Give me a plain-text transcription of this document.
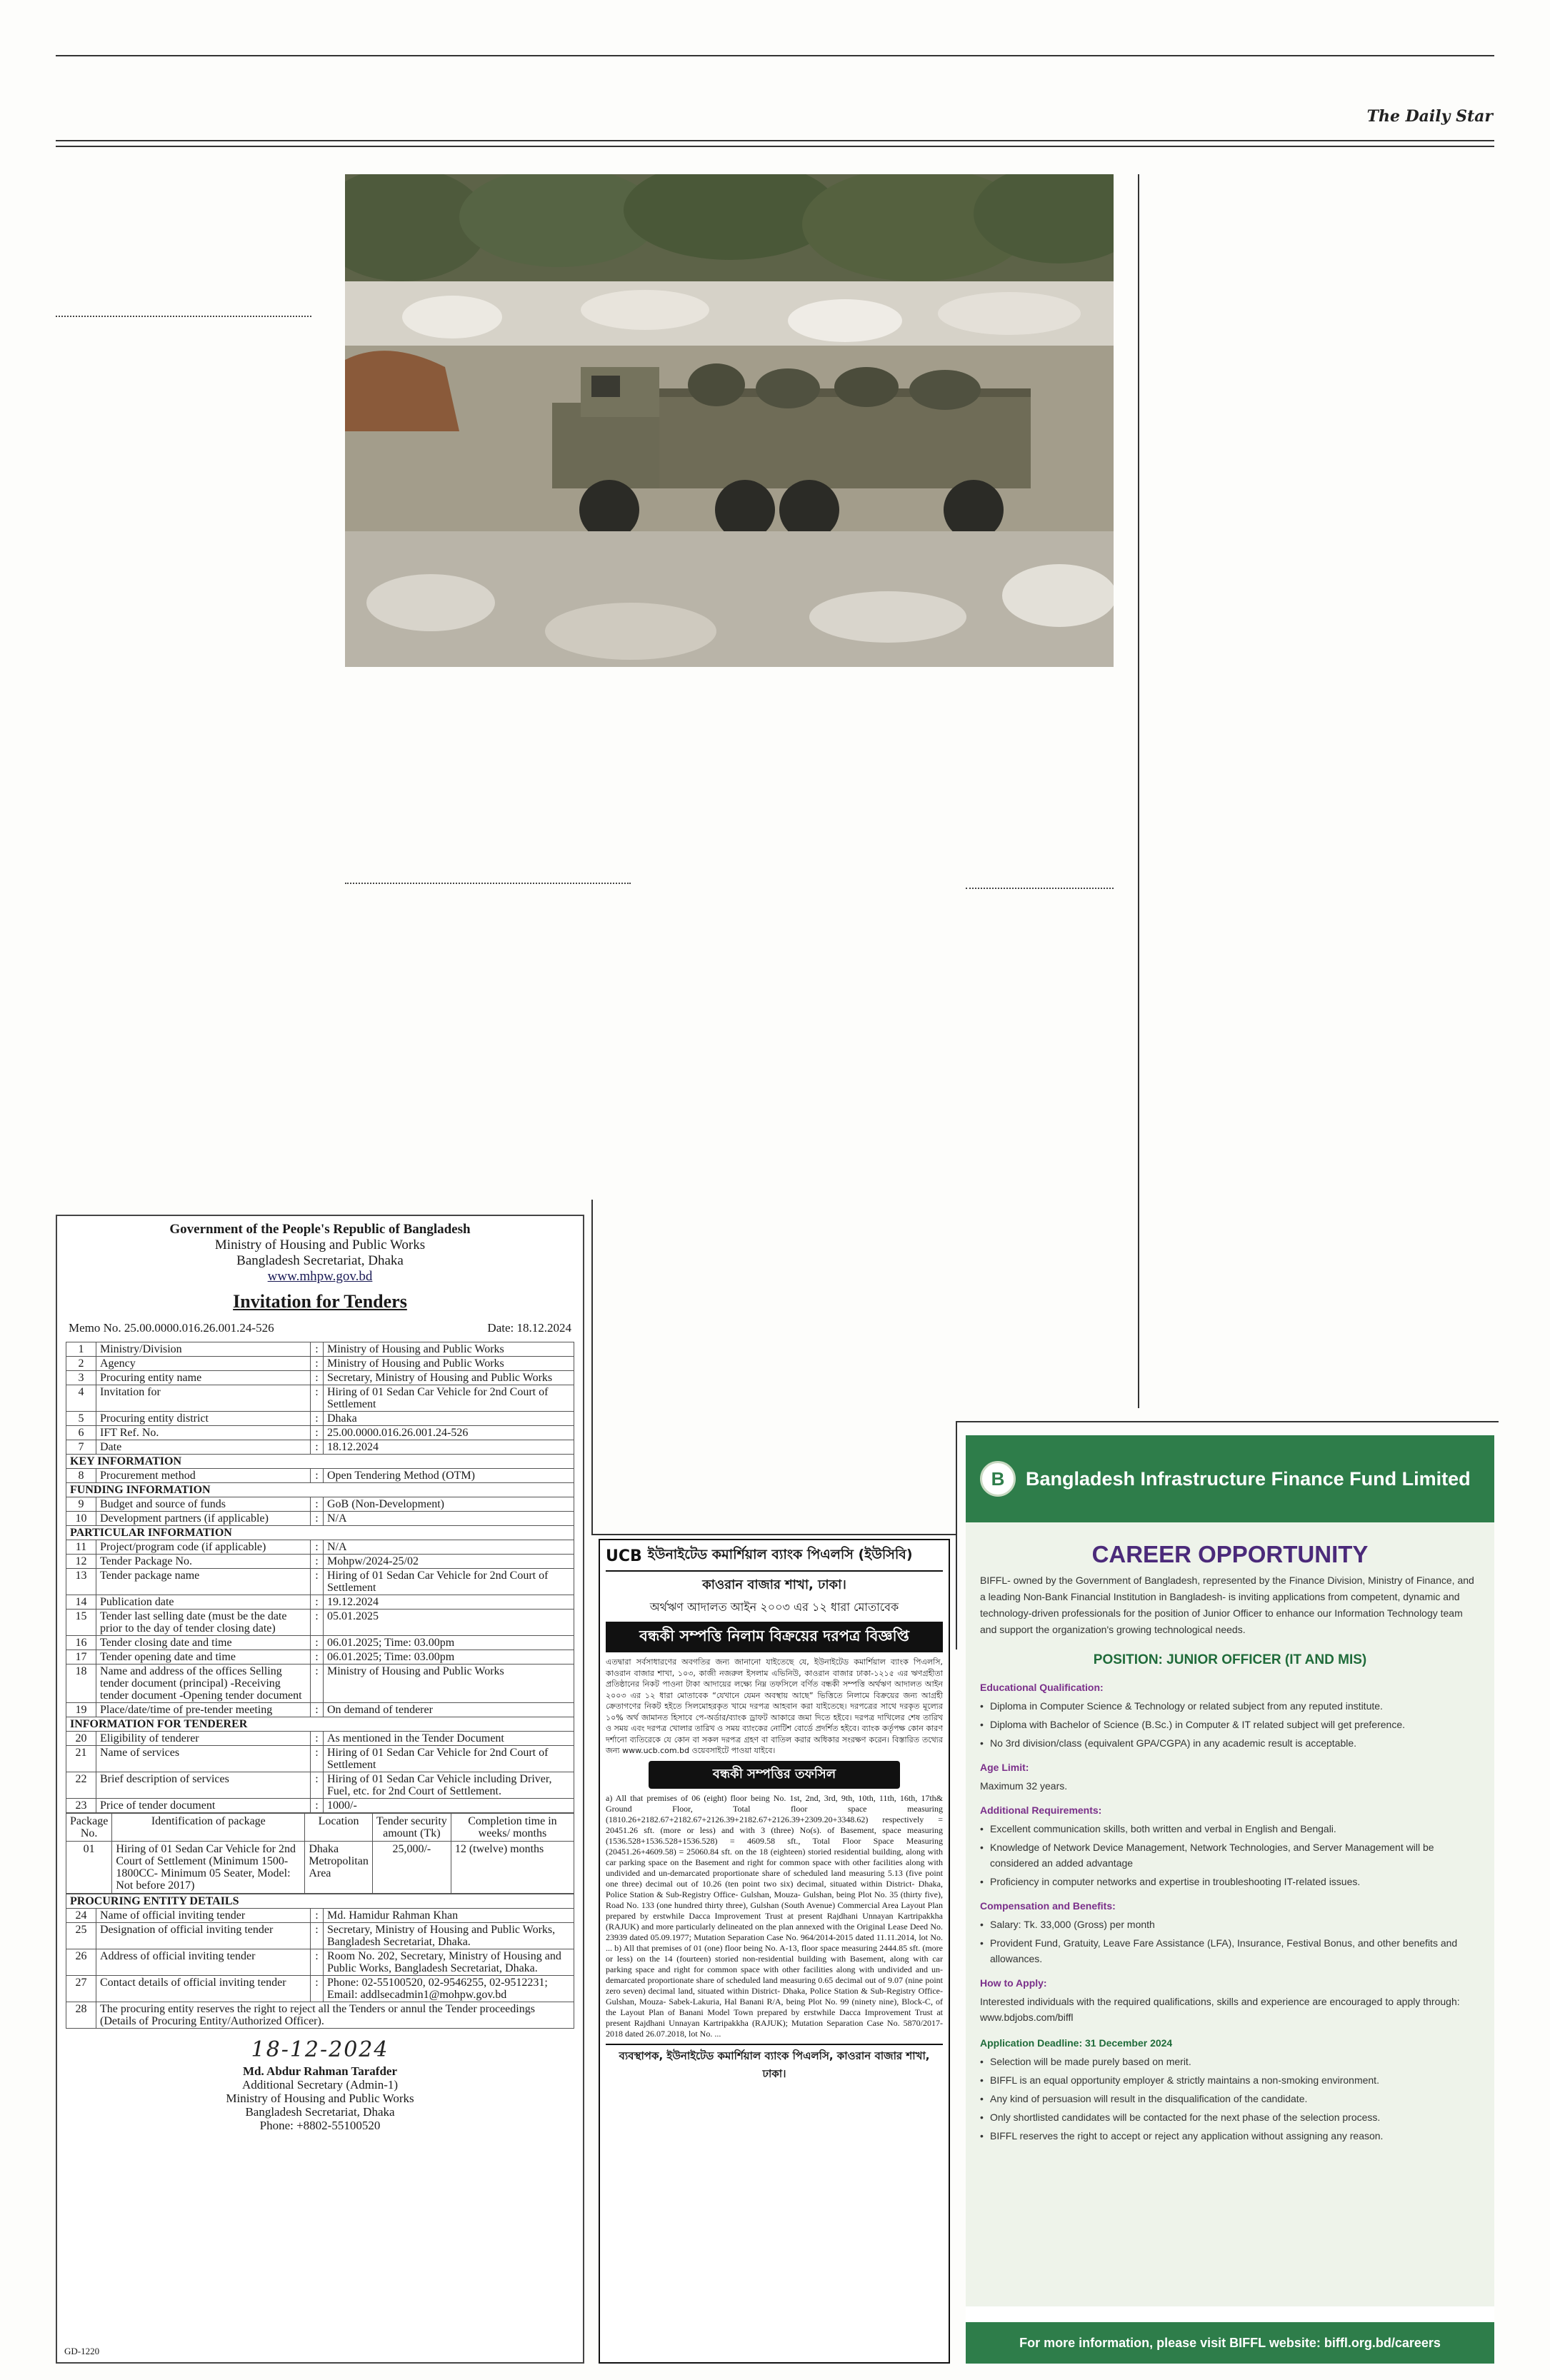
The Daily Star
Government of the People's Republic of Bangladesh
Ministry of Housing and Public Works
Bangladesh Secretariat, Dhaka
www.mhpw.gov.bd
Invitation for Tenders
Memo No. 25.00.0000.016.26.001.24-526	Date: 18.12.2024
1	Ministry/Division	:	Ministry of Housing and Public Works
2	Agency	:	Ministry of Housing and Public Works
3	Procuring entity name	:	Secretary, Ministry of Housing and Public Works
4	Invitation for	:	Hiring of 01 Sedan Car Vehicle for 2nd Court of Settlement
5	Procuring entity district	:	Dhaka
6	IFT Ref. No.	:	25.00.0000.016.26.001.24-526
7	Date	:	18.12.2024
KEY INFORMATION			
8	Procurement method	:	Open Tendering Method (OTM)
FUNDING INFORMATION			
9	Budget and source of funds	:	GoB (Non-Development)
10	Development partners (if applicable)	:	N/A
PARTICULAR INFORMATION			
11	Project/program code (if applicable)	:	N/A
12	Tender Package No.	:	Mohpw/2024-25/02
13	Tender package name	:	Hiring of 01 Sedan Car Vehicle for 2nd Court of Settlement
14	Publication date	:	19.12.2024
15	Tender last selling date (must be the date prior to the day of tender closing date)	:	05.01.2025
16	Tender closing date and time	:	06.01.2025; Time: 03.00pm
17	Tender opening date and time	:	06.01.2025; Time: 03.00pm
18	Name and address of the offices Selling tender document (principal) -Receiving tender document -Opening tender document	:	Ministry of Housing and Public Works
19	Place/date/time of pre-tender meeting	:	On demand of tenderer
INFORMATION FOR TENDERER			
20	Eligibility of tenderer	:	As mentioned in the Tender Document
21	Name of services	:	Hiring of 01 Sedan Car Vehicle for 2nd Court of Settlement
22	Brief description of services	:	Hiring of 01 Sedan Car Vehicle including Driver, Fuel, etc. for 2nd Court of Settlement.
23	Price of tender document	:	1000/-
Package No.	Identification of package	Location	Tender security amount (Tk)	Completion time in weeks/ months
01	Hiring of 01 Sedan Car Vehicle for 2nd Court of Settlement (Minimum 1500-1800CC- Minimum 05 Seater, Model: Not before 2017)	Dhaka Metropolitan Area	25,000/-	12 (twelve) months
PROCURING ENTITY DETAILS			
24	Name of official inviting tender	:	Md. Hamidur Rahman Khan
25	Designation of official inviting tender	:	Secretary, Ministry of Housing and Public Works, Bangladesh Secretariat, Dhaka.
26	Address of official inviting tender	:	Room No. 202, Secretary, Ministry of Housing and Public Works, Bangladesh Secretariat, Dhaka.
27	Contact details of official inviting tender	:	Phone: 02-55100520, 02-9546255, 02-9512231; Email: addlsecadmin1@mohpw.gov.bd
28	The procuring entity reserves the right to reject all the Tenders or annul the Tender proceedings (Details of Procuring Entity/Authorized Officer).		
18-12-2024
Md. Abdur Rahman Tarafder
Additional Secretary (Admin-1)
Ministry of Housing and Public Works
Bangladesh Secretariat, Dhaka
Phone: +8802-55100520
GD-1220
UCB ইউনাইটেড কমার্শিয়াল ব্যাংক পিএলসি (ইউসিবি)
কাওরান বাজার শাখা, ঢাকা।
অর্থঋণ আদালত আইন ২০০৩ এর ১২ ধারা মোতাবেক
বন্ধকী সম্পত্তি নিলাম বিক্রয়ের দরপত্র বিজ্ঞপ্তি
এতদ্বারা সর্বসাধারণের অবগতির জন্য জানানো যাইতেছে যে, ইউনাইটেড কমার্শিয়াল ব্যাংক পিএলসি, কাওরান বাজার শাখা, ১০৩, কাজী নজরুল ইসলাম এভিনিউ, কাওরান বাজার ঢাকা-১২১৫ এর ঋণগ্রহীতা প্রতিষ্ঠানের নিকট পাওনা টাকা আদায়ের লক্ষ্যে নিম্ন তফসিলে বর্ণিত বন্ধকী সম্পত্তি অর্থঋণ আদালত আইন ২০০৩ এর ১২ ধারা মোতাবেক “যেখানে যেমন অবস্থায় আছে” ভিত্তিতে নিলামে বিক্রয়ের জন্য আগ্রহী ক্রেতাগণের নিকট হইতে সিলমোহরকৃত খামে দরপত্র আহবান করা যাইতেছে। দরপত্রের সাথে দরকৃত মূল্যের ১০% অর্থ জামানত হিসাবে পে-অর্ডার/ব্যাংক ড্রাফট আকারে জমা দিতে হইবে। দরপত্র দাখিলের শেষ তারিখ ও সময় এবং দরপত্র খোলার তারিখ ও সময় ব্যাংকের নোটিশ বোর্ডে প্রদর্শিত হইবে। ব্যাংক কর্তৃপক্ষ কোন কারণ দর্শানো ব্যতিরেকে যে কোন বা সকল দরপত্র গ্রহণ বা বাতিল করার অধিকার সংরক্ষণ করেন। বিস্তারিত তথ্যের জন্য www.ucb.com.bd ওয়েবসাইটে পাওয়া যাইবে।
বন্ধকী সম্পত্তির তফসিল
a) All that premises of 06 (eight) floor being No. 1st, 2nd, 3rd, 9th, 10th, 11th, 16th, 17th& Ground Floor, Total floor space measuring (1810.26+2182.67+2182.67+2126.39+2182.67+2126.39+2309.20+3348.62) respectively = 20451.26 sft. (more or less) and with 3 (three) No(s). of Basement, space measuring (1536.528+1536.528+1536.528) = 4609.58 sft., Total Floor Space Measuring (20451.26+4609.58) = 25060.84 sft. on the 18 (eighteen) storied residential building, along with car parking space on the Basement and right for common space with other facilities along with undivided and un-demarcated proportionate share of scheduled land measuring 5.13 (five point one three) decimal out of 10.26 (ten point two six) decimal, situated within District- Dhaka, Police Station & Sub-Registry Office- Gulshan, Mouza- Gulshan, being Plot No. 35 (thirty five), Road No. 133 (one hundred thirty three), Gulshan (South Avenue) Commercial Area Layout Plan prepared by erstwhile Dacca Improvement Trust at present Rajdhani Unnayan Kartripakkha (RAJUK) and more particularly delineated on the plan annexed with the Original Lease Deed No. 23939 dated 05.09.1977; Mutation Separation Case No. 964/2014-2015 dated 11.11.2014, lot No. ... b) All that premises of 01 (one) floor being No. A-13, floor space measuring 2444.85 sft. (more or less) on the 14 (fourteen) storied non-residential building with Basement, along with car parking space and right for common space with other facilities along with undivided and un-demarcated proportionate share of scheduled land measuring 0.65 decimal out of 9.07 (nine point zero seven) decimal land, situated within District- Dhaka, Police Station & Sub-Registry Office- Gulshan, Mouza- Sabek-Lakuria, Hal Banani R/A, being Plot No. 99 (ninety nine), Block-C, of the Layout Plan of Banani Model Town prepared by erstwhile Dacca Improvement Trust at present Rajdhani Unnayan Kartripakkha (RAJUK); Mutation Separation Case No. 5870/2017-2018 dated 26.07.2018, lot No. ...
ব্যবস্থাপক, ইউনাইটেড কমার্শিয়াল ব্যাংক পিএলসি, কাওরান বাজার শাখা, ঢাকা।
B	Bangladesh Infrastructure Finance Fund Limited
CAREER OPPORTUNITY
BIFFL- owned by the Government of Bangladesh, represented by the Finance Division, Ministry of Finance, and a leading Non-Bank Financial Institution in Bangladesh- is inviting applications from competent, dynamic and technology-driven professionals for the position of Junior Officer to enhance our Information Technology team and support the organization's growing technological needs.
POSITION: JUNIOR OFFICER (IT AND MIS)
Educational Qualification:
• Diploma in Computer Science & Technology or related subject from any reputed institute.
• Diploma with Bachelor of Science (B.Sc.) in Computer & IT related subject will get preference.
• No 3rd division/class (equivalent GPA/CGPA) in any academic result is acceptable.
Age Limit:
Maximum 32 years.
Additional Requirements:
• Excellent communication skills, both written and verbal in English and Bengali.
• Knowledge of Network Device Management, Network Technologies, and Server Management will be considered an added advantage
• Proficiency in computer networks and expertise in troubleshooting IT-related issues.
Compensation and Benefits:
• Salary: Tk. 33,000 (Gross) per month
• Provident Fund, Gratuity, Leave Fare Assistance (LFA), Insurance, Festival Bonus, and other benefits and allowances.
How to Apply:
Interested individuals with the required qualifications, skills and experience are encouraged to apply through: www.bdjobs.com/biffl
Application Deadline: 31 December 2024
• Selection will be made purely based on merit.
• BIFFL is an equal opportunity employer & strictly maintains a non-smoking environment.
• Any kind of persuasion will result in the disqualification of the candidate.
• Only shortlisted candidates will be contacted for the next phase of the selection process.
• BIFFL reserves the right to accept or reject any application without assigning any reason.
For more information, please visit BIFFL website: biffl.org.bd/careers
